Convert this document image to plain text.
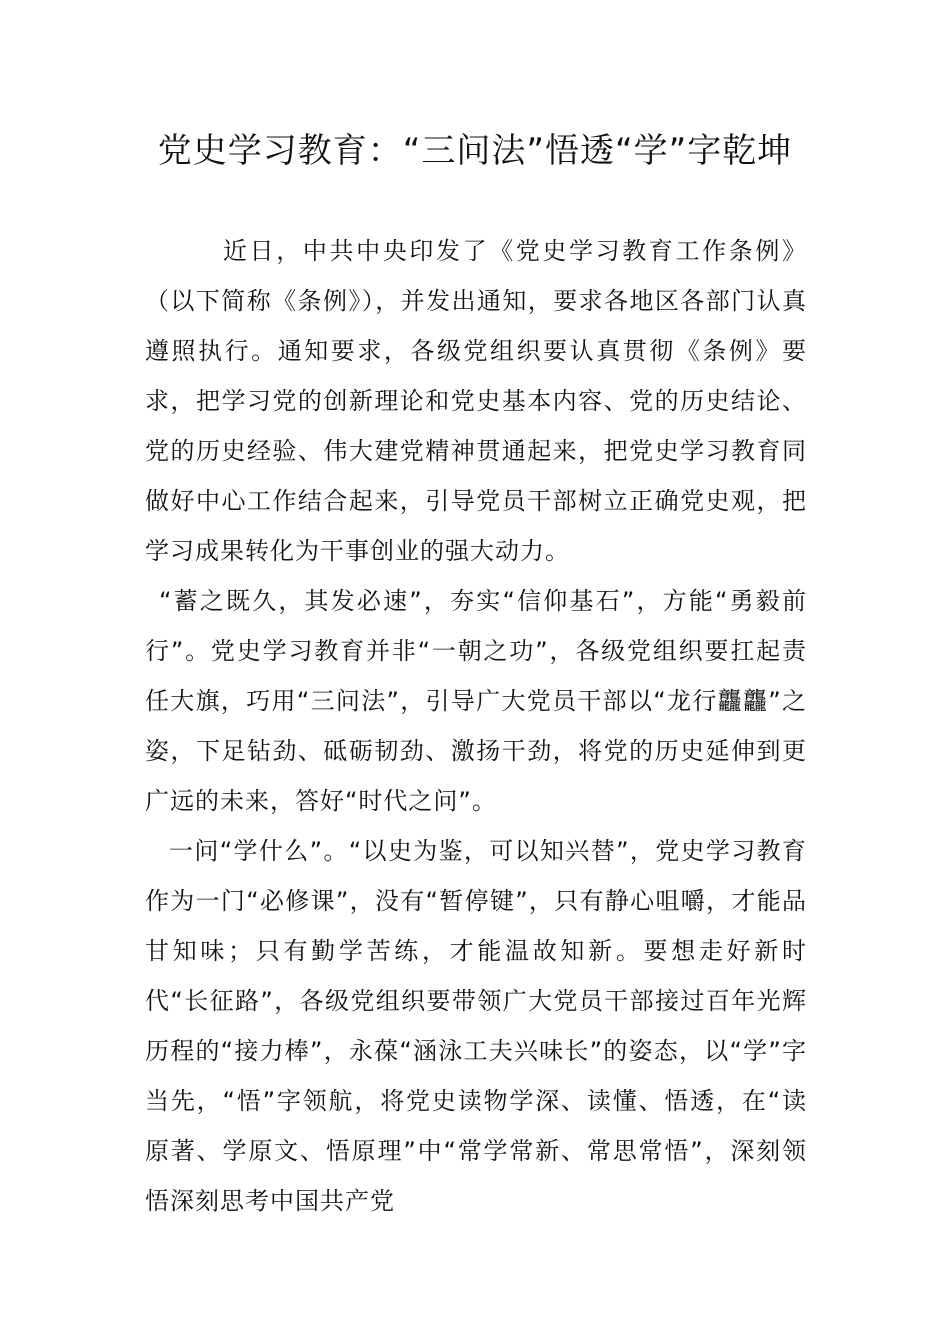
党史学习教育：“三问法”悟透“学”字乾坤

近日，中共中央印发了《党史学习教育工作条例》（以下简称《条例》），并发出通知，要求各地区各部门认真遵照执行。通知要求，各级党组织要认真贯彻《条例》要求，把学习党的创新理论和党史基本内容、党的历史结论、党的历史经验、伟大建党精神贯通起来，把党史学习教育同做好中心工作结合起来，引导党员干部树立正确党史观，把学习成果转化为干事创业的强大动力。

“蓄之既久，其发必速”，夯实“信仰基石”，方能“勇毅前行”。党史学习教育并非“一朝之功”，各级党组织要扛起责任大旗，巧用“三问法”，引导广大党员干部以“龙行龘龘”之姿，下足钻劲、砥砺韧劲、激扬干劲，将党的历史延伸到更广远的未来，答好“时代之问”。

一问“学什么”。“以史为鉴，可以知兴替”，党史学习教育作为一门“必修课”，没有“暂停键”，只有静心咀嚼，才能品甘知味；只有勤学苦练，才能温故知新。要想走好新时代“长征路”，各级党组织要带领广大党员干部接过百年光辉历程的“接力棒”，永葆“涵泳工夫兴味长”的姿态，以“学”字当先，“悟”字领航，将党史读物学深、读懂、悟透，在“读原著、学原文、悟原理”中“常学常新、常思常悟”，深刻领悟深刻思考中国共产党
